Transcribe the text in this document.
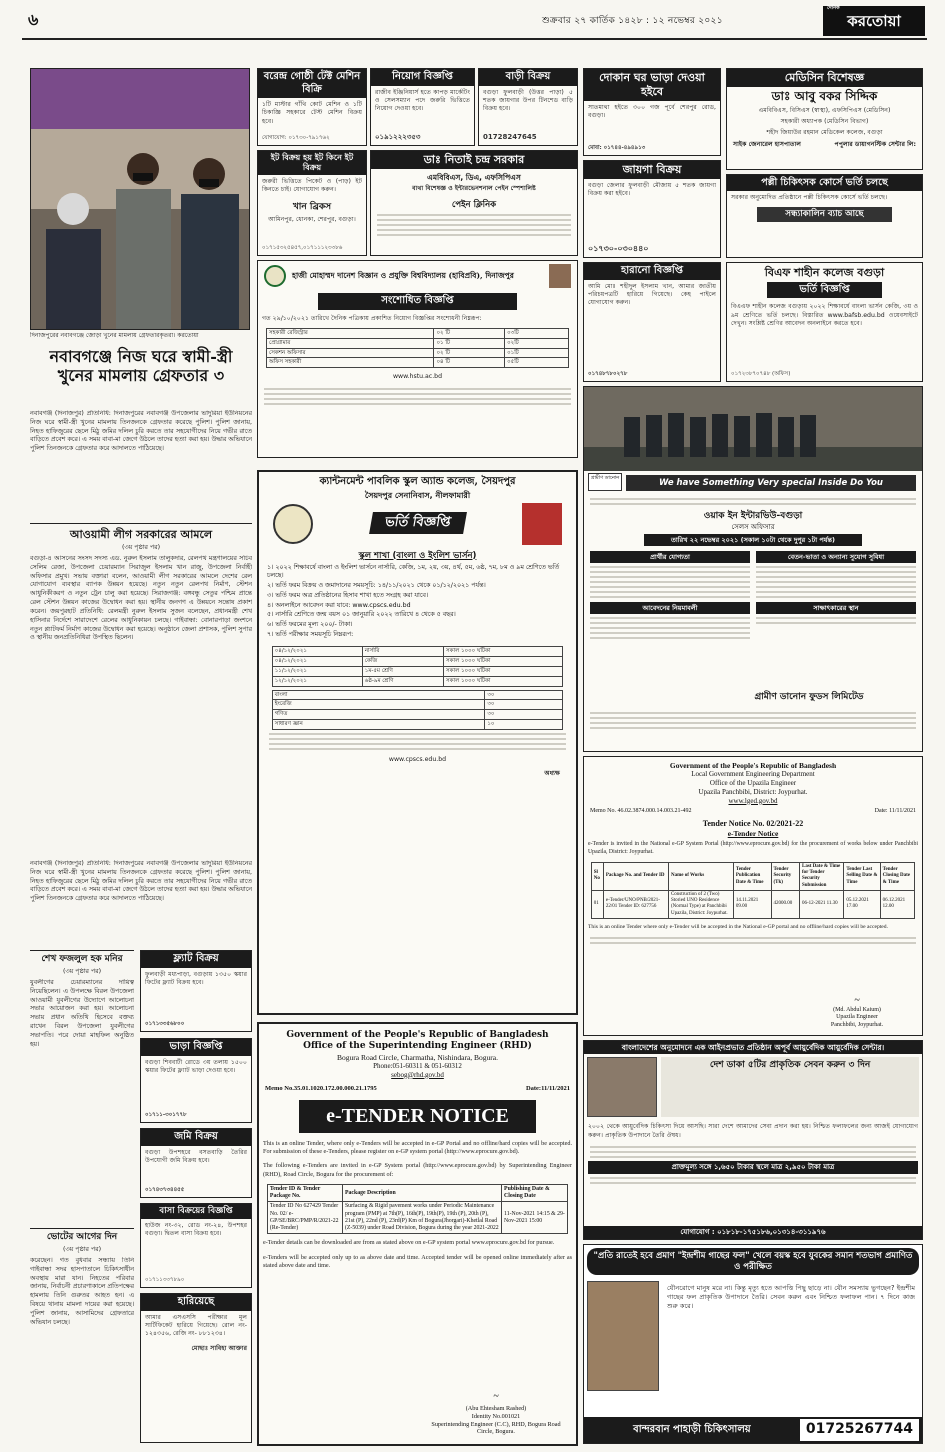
৬	শুক্রবার ২৭ কার্তিক ১৪২৮ : ১২ নভেম্বর ২০২১
দৈনিক
করতোয়া
দিনাজপুরের নবাবগঞ্জে জোড়া খুনের মামলায় গ্রেফতারকৃতরা। করতোয়া
নবাবগঞ্জে নিজ ঘরে স্বামী-স্ত্রী খুনের মামলায় গ্রেফতার ৩
নবাবগঞ্জ (দিনাজপুর) প্রতিনিধি: দিনাজপুরের নবাবগঞ্জ উপজেলার ভাদুরিয়া ইউনিয়নের নিজ ঘরে স্বামী-স্ত্রী খুনের মামলায় তিনজনকে গ্রেফতার করেছে পুলিশ। পুলিশ জানায়, নিহত হাফিজুরের ছেলে মিঠু জমির দলিল চুরি করতে তার সহযোগীদের নিয়ে গভীর রাতে বাড়িতে প্রবেশ করে। এ সময় বাবা-মা জেগে উঠলে তাদের হত্যা করা হয়। উদ্ধার অভিযানে পুলিশ তিনজনকে গ্রেফতার করে আদালতে পাঠিয়েছে।
আওয়ামী লীগ সরকারের আমলে
(৩য় পৃষ্ঠার পর)
বগুড়া-৪ আসনের সংসদ সদস্য এড. নুরুল ইসলাম তালুকদার, রেলপথ মন্ত্রণালয়ের সচিব সেলিম রেজা, উপজেলা চেয়ারম্যান সিরাজুল ইসলাম খান রাজু, উপজেলা নির্বাহী অফিসার প্রমুখ। সভায় বক্তারা বলেন, আওয়ামী লীগ সরকারের আমলে দেশের রেল যোগাযোগ ব্যবস্থার ব্যাপক উন্নয়ন হয়েছে। নতুন নতুন রেলপথ নির্মাণ, স্টেশন আধুনিকীকরণ ও নতুন ট্রেন চালু করা হয়েছে। সিরাজগঞ্জ: বঙ্গবন্ধু সেতুর পশ্চিম প্রান্তে রেল স্টেশন উন্নয়ন কাজের উদ্বোধন করা হয়। স্থানীয় জনগণ এ উন্নয়নে সন্তোষ প্রকাশ করেন। জয়পুরহাট প্রতিনিধি: রেলমন্ত্রী নুরুল ইসলাম সুজন বলেছেন, প্রধানমন্ত্রী শেখ হাসিনার নির্দেশে সারাদেশে রেলের আধুনিকায়ন চলছে। গাইবান্ধা: বোনারপাড়া জংশনে নতুন প্ল্যাটফর্ম নির্মাণ কাজের উদ্বোধন করা হয়েছে। অনুষ্ঠানে জেলা প্রশাসক, পুলিশ সুপার ও স্থানীয় জনপ্রতিনিধিরা উপস্থিত ছিলেন।
নবাবগঞ্জ (দিনাজপুর) প্রতিনিধি: দিনাজপুরের নবাবগঞ্জ উপজেলার ভাদুরিয়া ইউনিয়নের নিজ ঘরে স্বামী-স্ত্রী খুনের মামলায় তিনজনকে গ্রেফতার করেছে পুলিশ। পুলিশ জানায়, নিহত হাফিজুরের ছেলে মিঠু জমির দলিল চুরি করতে তার সহযোগীদের নিয়ে গভীর রাতে বাড়িতে প্রবেশ করে। এ সময় বাবা-মা জেগে উঠলে তাদের হত্যা করা হয়। উদ্ধার অভিযানে পুলিশ তিনজনকে গ্রেফতার করে আদালতে পাঠিয়েছে।
শেখ ফজলুল হক মনির
(৩য় পৃষ্ঠার পর)
যুবলীগের চেয়ারম্যানের দায়িত্ব নিয়েছিলেন। এ উপলক্ষে বিরল উপজেলা আওয়ামী যুবলীগের উদ্যোগে আলোচনা সভার আয়োজন করা হয়। আলোচনা সভায় প্রধান অতিথি হিসেবে বক্তব্য রাখেন বিরল উপজেলা যুবলীগের সভাপতি। পরে দোয়া মাহফিল অনুষ্ঠিত হয়।
ভোটের আগের দিন
(৩য় পৃষ্ঠার পর)
করেছেন। গত বুধবার সন্ধ্যায় তিনি গাইবান্ধা সদর হাসপাতালে চিকিৎসাধীন অবস্থায় মারা যান। নিহতের পরিবার জানায়, নির্বাচনী প্রচারণাকালে প্রতিপক্ষের হামলায় তিনি গুরুতর আহত হন। এ বিষয়ে থানায় মামলা দায়ের করা হয়েছে। পুলিশ জানায়, আসামিদের গ্রেফতারে অভিযান চলছে।
বরেন্দ্র গোষ্ঠী টেক্ট মেশিন বিক্রি
১টি মাস্টার গাঁথি কোট মেশিন ও ১টি চিকাজ্ঞি সহকারে টেস্ট মেশিন বিক্রয় হবে।
যোগাযোগ: ০১৭৩০-৭৯১৭৬২
নিয়োগ বিজ্ঞপ্তি
রাজীব ইঞ্জিনিয়ার্স হতে কাপড় মার্কেটিং ও সেলসম্যান পদে জরুরি ভিত্তিতে নিয়োগ দেওয়া হবে।
০১৯১২২২৩৫৩
বাড়ী বিক্রয়
বগুড়া ফুলবাড়ী (উত্তর পাড়া) ৫ শতক জায়গার উপর টিনশেড বাড়ি বিক্রয় হবে।
01728247645
ইট বিক্রয় হয় ইট কিনে ইট বিক্রয়
জরুরী ভিত্তিতে পিকেট ও (পাড়) ইট কিনতে চাই। যোগাযোগ করুন।
খান ব্রিকস
আমিনপুর, ধোনকা, শেরপুর, বগুড়া।
০১৭১৫৩২৫৪৫৭,০১৭১১১২৩৩৮৬
ডাঃ নিতাই চন্দ্র সরকার
এমবিবিএস, ডিএ, এফসিপিএস
ব্যথা বিশেষজ্ঞ ও ইন্টারভেনশনাল পেইন স্পেশালিষ্ট
পেইন ক্লিনিক
হাজী মোহাম্মদ দানেশ বিজ্ঞান ও প্রযুক্তি বিশ্ববিদ্যালয় (হাবিপ্রবি), দিনাজপুর
সংশোধিত বিজ্ঞপ্তি
গত ২৯/১০/২০২১ তারিখে দৈনিক পত্রিকায় প্রকাশিত নিয়োগ বিজ্ঞপ্তির সংশোধনী নিম্নরূপ:
সহকারী রেজিস্ট্রার	০২ টি	০৩টি
প্রোগ্রামার	০১ টি	০২টি
সেকশন অফিসার	০২ টি	০১টি
অফিস সহকারী	০৪ টি	০৫টি
www.hstu.ac.bd
ক্যান্টনমেন্ট পাবলিক স্কুল অ্যান্ড কলেজ, সৈয়দপুর
সৈয়দপুর সেনানিবাস, নীলফামারী
ভর্তি বিজ্ঞপ্তি
স্কুল শাখা (বাংলা ও ইংলিশ ভার্সন)
১। ২০২২ শিক্ষাবর্ষে বাংলা ও ইংলিশ ভার্সনে নার্সারি, কেজি, ১ম, ২য়, ৩য়, ৪র্থ, ৫ম, ৬ষ্ঠ, ৭ম, ৮ম ও ৯ম শ্রেণিতে ভর্তি চলছে।
২। ভর্তি ফরম বিক্রয় ও জমাদানের সময়সূচি: ১৪/১১/২০২১ থেকে ০১/১২/২০২১ পর্যন্ত।
৩। ভর্তি ফরম অত্র প্রতিষ্ঠানের হিসাব শাখা হতে সংগ্রহ করা যাবে।
৪। অনলাইনে আবেদন করা যাবে: www.cpscs.edu.bd
৫। নার্সারি শ্রেণিতে জন্ম বয়স ০১ জানুয়ারি ২০২২ তারিখে ৪ থেকে ৫ বছর।
৬। ভর্তি ফরমের মূল্য ২০০/- টাকা।
৭। ভর্তি পরীক্ষার সময়সূচি নিম্নরূপ:
০৪/১২/২০২১	নার্সারি	সকাল ১০০০ ঘটিকা
০৪/১২/২০২১	কেজি	সকাল ১০০০ ঘটিকা
১১/১২/২০২১	১ম-৫ম শ্রেণি	সকাল ১০০০ ঘটিকা
১২/১২/২০২১	৬ষ্ঠ-৯ম শ্রেণি	সকাল ১০০০ ঘটিকা
বাংলা	৩০
ইংরেজি	৩০
গণিত	৩০
সাধারণ জ্ঞান	১০
www.cpscs.edu.bd
অধ্যক্ষ
Government of the People's Republic of Bangladesh
Office of the Superintending Engineer (RHD)
Bogura Road Circle, Charmatha, Nishindara, Bogura.
Phone:051-60311 & 051-60312
sebog@rhd.gov.bd
Memo No.35.01.1020.172.00.000.21.1795	Date:11/11/2021
e-TENDER NOTICE
This is an online Tender, where only e-Tenders will be accepted in e-GP Portal and no offline/hard copies will be accepted. For submission of these e-Tenders, please register on e-GP system portal (http://www.eprocure.gov.bd).
The following e-Tenders are invited in e-GP System portal (http://www.eprocure.gov.bd) by Superintending Engineer (RHD), Road Circle, Bogura for the procurement of:
Tender ID & Tender Package No.	Package Description	Publishing Date & Closing Date
Tender ID No 627429 Tender No. 02/ e-GP/SE/BRC/PMP/R/2021-22 (Re-Tender)	Surfacing & Rigid pavement works under Periodic Maintenance program (PMP) at 7th(P), 16th(P), 19th(P), 19th (P), 20th (P), 21st (P), 22nd (P), 23rd(P) Km of Bogura(Jhorgari)-Khetlal Road (Z-5039) under Road Division, Bogura during the year 2021-2022	11-Nov-2021 14:15 & 29-Nov-2021 15:00
e-Tender details can be downloaded are from as stated above on e-GP system portal www.eprocure.gov.bd for pursue.
e-Tenders will be accepted only up to as above date and time. Accepted tender will be opened online immediately after as stated above date and time.
~
(Abu Ehtesham Rashed)
Identity No.001021
Superintending Engineer (C.C), RHD, Bogura Road Circle, Bogura.
ফ্ল্যাট বিক্রয়
ফুলবাড়ী মধ্যপাড়া, বগুড়ায় ১৩৫০ স্কয়ার ফিটের ফ্ল্যাট বিক্রয় হবে।
০১৭১৩৩৫৬৮০০
ভাড়া বিজ্ঞপ্তি
বগুড়া শিববাটী রোডে ৩য় তলায় ১৫০০ স্কয়ার ফিটের ফ্ল্যাট ভাড়া দেওয়া হবে।
০১৭১১-৩০১৭৭৮
জমি বিক্রয়
বগুড়া উপশহরে বসতবাড়ি তৈরির উপযোগী জমি বিক্রয় হবে।
০১৭৪৩৭৩৪৪৫৫
বাসা বিক্রয়ের বিজ্ঞপ্তি
হাউজ নং-৩২, রোড নং-২৪, উপশহর বগুড়া। দ্বিতল বাসা বিক্রয় হবে।
০১৭১১৩৩৭৮৯০
হারিয়েছে
আমার এসএসসি পরীক্ষার মূল সার্টিফিকেট হারিয়ে গিয়েছে। রোল নং- ১২৪৩৫৬, রেজি নং- ৮৮১২৩৪।
মোছাঃ সাবিহা আক্তার
দোকান ঘর ভাড়া দেওয়া হইবে
সাতমাথা হইতে ৩০০ গজ পূর্বে শেরপুর রোড, বগুড়া।
মোবা: ০১৭৪৪-৪৯৪৯১৩
জায়গা বিক্রয়
বগুড়া জেলার ফুলবাড়ী মৌজায় ৫ শতক জায়গা বিক্রয় করা হইবে।
০১৭৩০-০৩০৪৪০
হারানো বিজ্ঞপ্তি
আমি মোঃ শহীদুল ইসলাম খান, আমার জাতীয় পরিচয়পত্রটি হারিয়ে গিয়েছে। কেহ পাইলে যোগাযোগ করুন।
০১৭৪৮৭৮০২৭৮
মেডিসিন বিশেষজ্ঞ
ডাঃ আবু বকর সিদ্দিক
এমবিবিএস, বিসিএস (স্বাস্থ্য), এফসিপিএস (মেডিসিন)
সহকারী অধ্যাপক (মেডিসিন বিভাগ)
শহীদ জিয়াউর রহমান মেডিকেল কলেজ, বগুড়া
সাইক জেনারেল হাসপাতাল	পপুলার ডায়াগনস্টিক সেন্টার লি:
পল্লী চিকিৎসক কোর্সে ভর্তি চলছে
সরকার অনুমোদিত প্রতিষ্ঠানে পল্লী চিকিৎসক কোর্সে ভর্তি চলছে।
সন্ধ্যাকালিন ব্যাচ আছে
বিএফ শাহীন কলেজ বগুড়া
ভর্তি বিজ্ঞপ্তি
বিএএফ শাহীন কলেজ বগুড়ায় ২০২২ শিক্ষাবর্ষে বাংলা ভার্সন কেজি, ৩য় ও ৯ম শ্রেণিতে ভর্তি চলছে। বিস্তারিত www.bafsb.edu.bd ওয়েবসাইটে দেখুন। সংশ্লিষ্ট শ্রেণির আবেদন অনলাইনে করতে হবে।
০১৭২৩৮৭০৭৪৮ (অফিস)
গ্রামীণ ডানোন	We have Something Very special Inside Do You
ওয়াক ইন ইন্টারভিউ-বগুড়া
সেলস অফিসার
তারিখ ২২ নভেম্বর ২০২১ (সকাল ১০টা থেকে দুপুর ১টা পর্যন্ত)
প্রার্থীর যোগ্যতা
আবেদনের নিয়মাবলী
বেতন-ভাতা ও অন্যান্য সুযোগ সুবিধা
সাক্ষাৎকারের স্থান
গ্রামীণ ডানোন ফুডস লিমিটেড
Government of the People's Republic of Bangladesh
Local Government Engineering Department
Office of the Upazila Engineer
Upazila Panchbibi, District: Joypurhat.
www.lged.gov.bd
Memo No. 46.02.3874.000.14.003.21-492	Date: 11/11/2021
Tender Notice No. 02/2021-22
e-Tender Notice
e-Tender is invited in the National e-GP System Portal (http://www.eprocure.gov.bd) for the procurement of works below under Panchbibi Upazila, District: Joypurhat.
Sl No	Package No. and Tender ID	Name of Works	Tender Publication Date & Time	Tender Security (Tk)	Last Date & Time for Tender Security Submission	Tender Last Selling Date & Time	Tender Closing Date & Time
01	e-Tender/UNO/PNB/2021-22/01 Tender ID: 627756	Construction of 2 (Two) Storied UNO Residence (Normal Type) at Panchbibi Upazila, District: Joypurhat.	14.11.2021 09.00	42000.00	06-12-2021 11.30	05.12.2021 17.00	06.12.2021 12.00
This is an online Tender where only e-Tender will be accepted in the National e-GP portal and no offline/hard copies will be accepted.
~
(Md. Abdul Kaium)
Upazila Engineer
Panchbibi, Joypurhat.
বাংলাদেশের অনুমোদনে এক আইনপ্রভাত প্রতিষ্ঠান অপূর্ব আয়ুর্বেদিক আয়ুর্বেদিক সেন্টার।
দেশ ডাকা ৫টির প্রাকৃতিক সেবন করুন ৩ দিন
২০০২ থেকে আয়ুর্বেদিক চিকিৎসা দিয়ে আসছি। সারা দেশে আমাদের সেবা প্রদান করা হয়। নিশ্চিত ফলাফলের জন্য আজই যোগাযোগ করুন। প্রাকৃতিক উপাদানে তৈরি ঔষধ।
প্রাক্তমূল্য সঙ্গে ১,৬৫০ টাকার স্থলে মাত্র ২,৯৫০ টাকা মাত্র
যোগাযোগ : ০১৮১৮-১৭৫১৮৬,০১৩১৪-৩১১৯৭৬
"প্রতি রাতেই হবে প্রমাণ "ইন্দ্রশীম গাছের ফল" খেলে বয়স্ক হবে যুবকের সমান শতভাগ প্রমাণিত ও পরীক্ষিত
যৌনরোগে মানুষ মরে না। কিন্তু মৃত্যু হতে আপত্তি পিছু ছাড়ে না। যৌন সমস্যায় ভুগছেন? ইন্দ্রশীম গাছের ফল প্রাকৃতিক উপাদানে তৈরি। সেবন করুন এবং নিশ্চিত ফলাফল পান। ৭ দিনে কাজ শুরু করে।
বান্দরবান পাহাড়ী চিকিৎসালয়	01725267744
